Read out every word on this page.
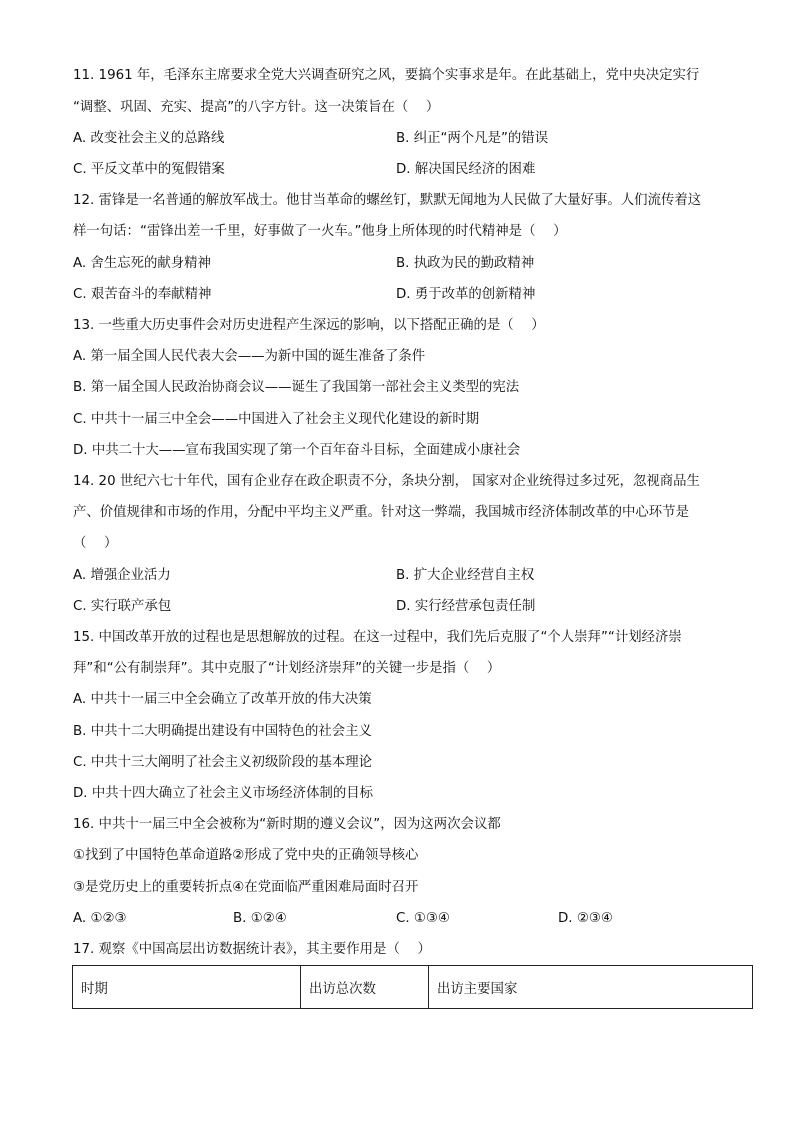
11. 1961 年，毛泽东主席要求全党大兴调查研究之风，要搞个实事求是年。在此基础上，党中央决定实行
“调整、巩固、充实、提高”的八字方针。这一决策旨在（　 ）
A. 改变社会主义的总路线	B. 纠正“两个凡是”的错误
C. 平反文革中的冤假错案	D. 解决国民经济的困难
12. 雷锋是一名普通的解放军战士。他甘当革命的螺丝钉，默默无闻地为人民做了大量好事。人们流传着这
样一句话：“雷锋出差一千里，好事做了一火车。”他身上所体现的时代精神是（　 ）
A. 舍生忘死的献身精神	B. 执政为民的勤政精神
C. 艰苦奋斗的奉献精神	D. 勇于改革的创新精神
13. 一些重大历史事件会对历史进程产生深远的影响，以下搭配正确的是（　 ）
A. 第一届全国人民代表大会——为新中国的诞生准备了条件
B. 第一届全国人民政治协商会议——诞生了我国第一部社会主义类型的宪法
C. 中共十一届三中全会——中国进入了社会主义现代化建设的新时期
D. 中共二十大——宣布我国实现了第一个百年奋斗目标，全面建成小康社会
14. 20 世纪六七十年代，国有企业存在政企职责不分，条块分割， 国家对企业统得过多过死，忽视商品生
产、价值规律和市场的作用，分配中平均主义严重。针对这一弊端，我国城市经济体制改革的中心环节是
（　 ）
A. 增强企业活力	B. 扩大企业经营自主权
C. 实行联产承包	D. 实行经营承包责任制
15. 中国改革开放的过程也是思想解放的过程。在这一过程中，我们先后克服了“个人崇拜”“计划经济崇
拜”和“公有制崇拜”。其中克服了“计划经济崇拜”的关键一步是指（　 ）
A. 中共十一届三中全会确立了改革开放的伟大决策
B. 中共十二大明确提出建设有中国特色的社会主义
C. 中共十三大阐明了社会主义初级阶段的基本理论
D. 中共十四大确立了社会主义市场经济体制的目标
16. 中共十一届三中全会被称为“新时期的遵义会议”，因为这两次会议都
①找到了中国特色革命道路②形成了党中央的正确领导核心
③是党历史上的重要转折点④在党面临严重困难局面时召开
A. ①②③	B. ①②④	C. ①③④	D. ②③④
17. 观察《中国高层出访数据统计表》，其主要作用是（　 ）
时期	出访总次数	出访主要国家
